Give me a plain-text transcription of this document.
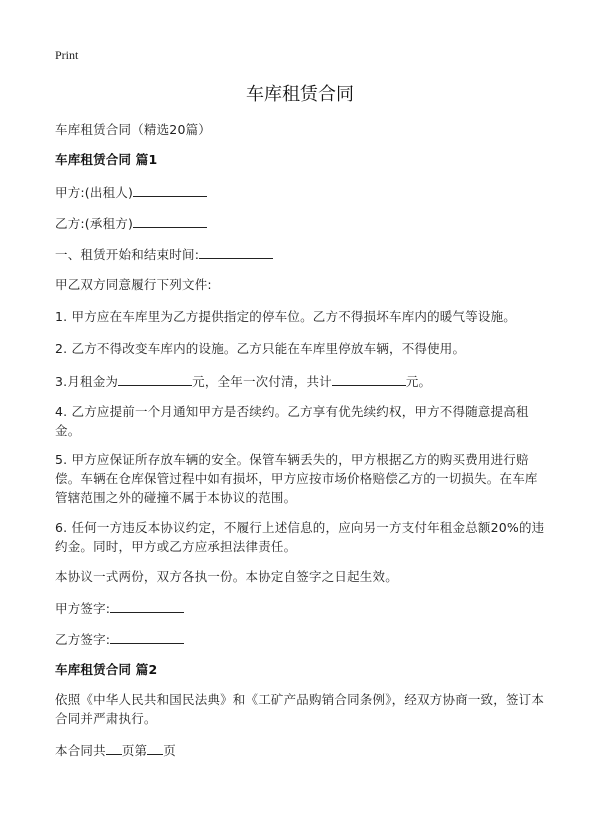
Print
车库租赁合同
车库租赁合同（精选20篇）
车库租赁合同 篇1
甲方:(出租人)
乙方:(承租方)
一、租赁开始和结束时间:
甲乙双方同意履行下列文件:
1. 甲方应在车库里为乙方提供指定的停车位。乙方不得损坏车库内的暖气等设施。
2. 乙方不得改变车库内的设施。乙方只能在车库里停放车辆，不得使用。
3.月租金为	元，全年一次付清，共计	元。
4. 乙方应提前一个月通知甲方是否续约。乙方享有优先续约权，甲方不得随意提高租金。
5. 甲方应保证所存放车辆的安全。保管车辆丢失的，甲方根据乙方的购买费用进行赔偿。车辆在仓库保管过程中如有损坏，甲方应按市场价格赔偿乙方的一切损失。在车库管辖范围之外的碰撞不属于本协议的范围。
6. 任何一方违反本协议约定，不履行上述信息的，应向另一方支付年租金总额20%的违约金。同时，甲方或乙方应承担法律责任。
本协议一式两份，双方各执一份。本协定自签字之日起生效。
甲方签字:
乙方签字:
车库租赁合同 篇2
依照《中华人民共和国民法典》和《工矿产品购销合同条例》，经双方协商一致，签订本合同并严肃执行。
本合同共 页第 页
